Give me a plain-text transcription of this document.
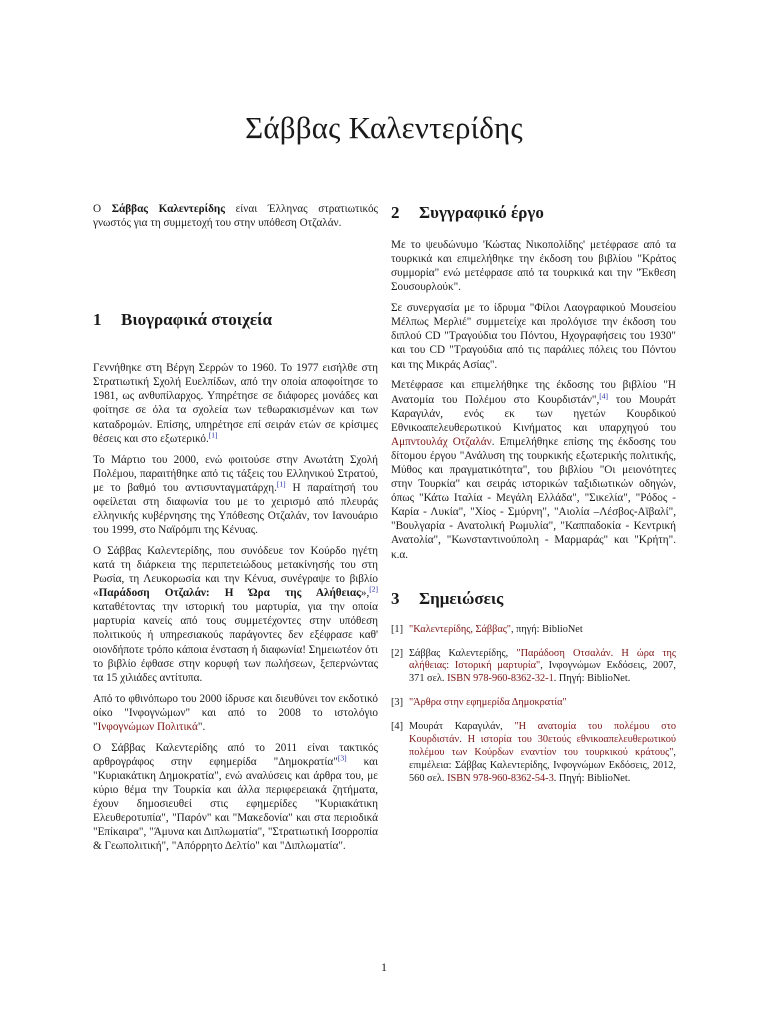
Σάββας Καλεντερίδης

Ο Σάββας Καλεντερίδης είναι Έλληνας στρατιωτικός γνωστός για τη συμμετοχή του στην υπόθεση Οτζαλάν.

1 Βιογραφικά στοιχεία

Γεννήθηκε στη Βέργη Σερρών το 1960. Το 1977 εισήλθε στη Στρατιωτική Σχολή Ευελπίδων, από την οποία αποφοίτησε το 1981, ως ανθυπίλαρχος. Υπηρέτησε σε διάφορες μονάδες και φοίτησε σε όλα τα σχολεία των τεθωρακισμένων και των καταδρομών. Επίσης, υπηρέτησε επί σειράν ετών σε κρίσιμες θέσεις και στο εξωτερικό.[1]

Το Μάρτιο του 2000, ενώ φοιτούσε στην Ανωτάτη Σχολή Πολέμου, παραιτήθηκε από τις τάξεις του Ελληνικού Στρατού, με το βαθμό του αντισυνταγματάρχη.[1] Η παραίτησή του οφείλεται στη διαφωνία του με το χειρισμό από πλευράς ελληνικής κυβέρνησης της Υπόθεσης Οτζαλάν, τον Ιανουάριο του 1999, στο Ναϊρόμπι της Κένυας.

Ο Σάββας Καλεντερίδης, που συνόδευε τον Κούρδο ηγέτη κατά τη διάρκεια της περιπετειώδους μετακίνησής του στη Ρωσία, τη Λευκορωσία και την Κένυα, συνέγραψε το βιβλίο «Παράδοση Οτζαλάν: Η Ώρα της Αλήθειας»,[2] καταθέτοντας την ιστορική του μαρτυρία, για την οποία μαρτυρία κανείς από τους συμμετέχοντες στην υπόθεση πολιτικούς ή υπηρεσιακούς παράγοντες δεν εξέφρασε καθ' οιονδήποτε τρόπο κάποια ένσταση ή διαφωνία! Σημειωτέον ότι το βιβλίο έφθασε στην κορυφή των πωλήσεων, ξεπερνώντας τα 15 χιλιάδες αντίτυπα.

Από το φθινόπωρο του 2000 ίδρυσε και διευθύνει τον εκδοτικό οίκο "Ινφογνώμων" και από το 2008 το ιστολόγιο "Ινφογνώμων Πολιτικά".

Ο Σάββας Καλεντερίδης από το 2011 είναι τακτικός αρθρογράφος στην εφημερίδα "Δημοκρατία"[3] και "Κυριακάτικη Δημοκρατία", ενώ αναλύσεις και άρθρα του, με κύριο θέμα την Τουρκία και άλλα περιφερειακά ζητήματα, έχουν δημοσιευθεί στις εφημερίδες "Κυριακάτικη Ελευθεροτυπία", "Παρόν" και "Μακεδονία" και στα περιοδικά "Επίκαιρα", "Άμυνα και Διπλωματία", "Στρατιωτική Ισορροπία & Γεωπολιτική", "Απόρρητο Δελτίο" και "Διπλωματία".

2 Συγγραφικό έργο

Με το ψευδώνυμο 'Κώστας Νικοπολίδης' μετέφρασε από τα τουρκικά και επιμελήθηκε την έκδοση του βιβλίου "Κράτος συμμορία" ενώ μετέφρασε από τα τουρκικά και την "Έκθεση Σουσουρλούκ".

Σε συνεργασία με το ίδρυμα "Φίλοι Λαογραφικού Μουσείου Μέλπως Μερλιέ" συμμετείχε και προλόγισε την έκδοση του διπλού CD "Τραγούδια του Πόντου, Ηχογραφήσεις του 1930" και του CD "Τραγούδια από τις παράλιες πόλεις του Πόντου και της Μικράς Ασίας".

Μετέφρασε και επιμελήθηκε της έκδοσης του βιβλίου "Η Ανατομία του Πολέμου στο Κουρδιστάν",[4] του Μουράτ Καραγιλάν, ενός εκ των ηγετών Κουρδικού Εθνικοαπελευθερωτικού Κινήματος και υπαρχηγού του Αμπντουλάχ Οτζαλάν. Επιμελήθηκε επίσης της έκδοσης του δίτομου έργου "Ανάλυση της τουρκικής εξωτερικής πολιτικής, Μύθος και πραγματικότητα", του βιβλίου "Οι μειονότητες στην Τουρκία" και σειράς ιστορικών ταξιδιωτικών οδηγών, όπως "Κάτω Ιταλία - Μεγάλη Ελλάδα", "Σικελία", "Ρόδος - Καρία - Λυκία", "Χίος - Σμύρνη", "Αιολία –Λέσβος-Αϊβαλί", "Βουλγαρία - Ανατολική Ρωμυλία", "Καππαδοκία - Κεντρική Ανατολία", "Κωνσταντινούπολη - Μαρμαράς" και "Κρήτη". κ.α.

3 Σημειώσεις
[1] "Καλεντερίδης, Σάββας", πηγή: BiblioNet
[2] Σάββας Καλεντερίδης, "Παράδοση Οτσαλάν. Η ώρα της αλήθειας: Ιστορική μαρτυρία", Ινφογνώμων Εκδόσεις, 2007, 371 σελ. ISBN 978-960-8362-32-1. Πηγή: BiblioNet.
[3] "Άρθρα στην εφημερίδα Δημοκρατία"
[4] Μουράτ Καραγιλάν, "Η ανατομία του πολέμου στο Κουρδιστάν. Η ιστορία του 30ετούς εθνικοαπελευθερωτικού πολέμου των Κούρδων εναντίον του τουρκικού κράτους", επιμέλεια: Σάββας Καλεντερίδης, Ινφογνώμων Εκδόσεις, 2012, 560 σελ. ISBN 978-960-8362-54-3. Πηγή: BiblioNet.
1
